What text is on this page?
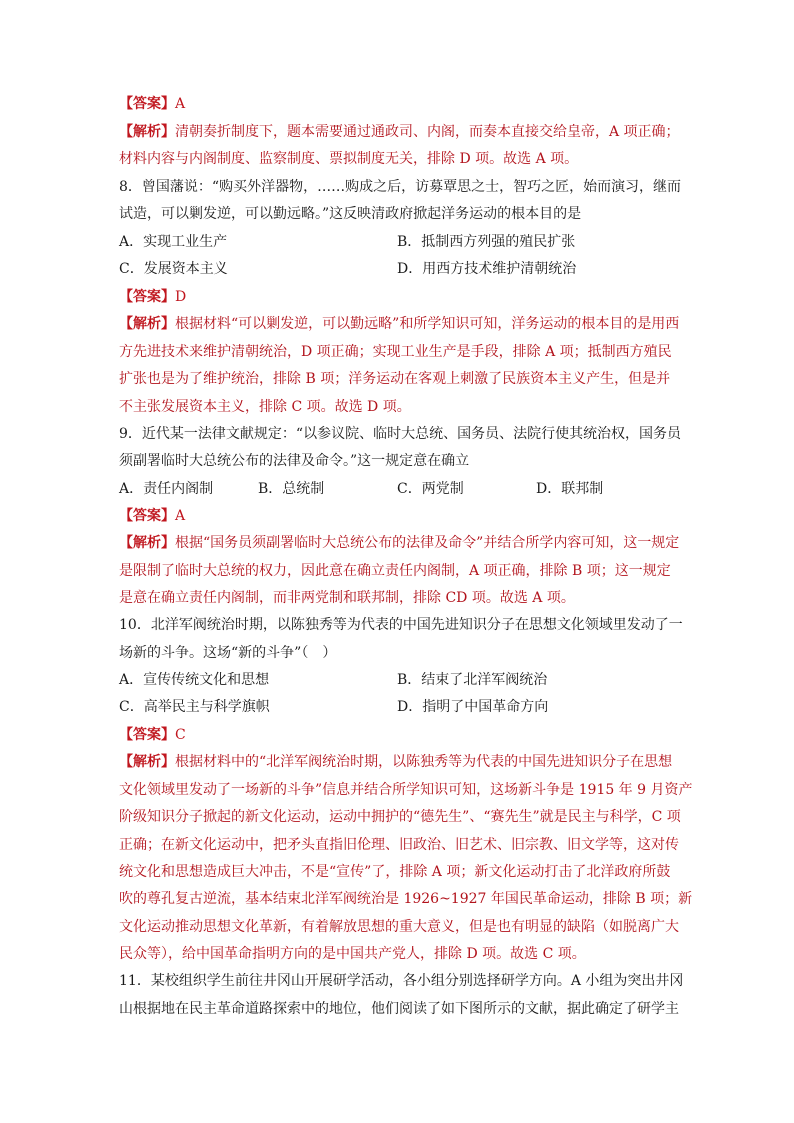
【答案】A
【解析】清朝奏折制度下，题本需要通过通政司、内阁，而奏本直接交给皇帝，A 项正确；
材料内容与内阁制度、监察制度、票拟制度无关，排除 D 项。故选 A 项。
8．曾国藩说：“购买外洋器物，……购成之后，访募覃思之士，智巧之匠，始而演习，继而
试造，可以剿发逆，可以勤远略。”这反映清政府掀起洋务运动的根本目的是
A．实现工业生产	B．抵制西方列强的殖民扩张
C．发展资本主义	D．用西方技术维护清朝统治
【答案】D
【解析】根据材料“可以剿发逆，可以勤远略”和所学知识可知，洋务运动的根本目的是用西
方先进技术来维护清朝统治，D 项正确；实现工业生产是手段，排除 A 项；抵制西方殖民
扩张也是为了维护统治，排除 B 项；洋务运动在客观上刺激了民族资本主义产生，但是并
不主张发展资本主义，排除 C 项。故选 D 项。
9．近代某一法律文献规定：“以参议院、临时大总统、国务员、法院行使其统治权，国务员
须副署临时大总统公布的法律及命令。”这一规定意在确立
A．责任内阁制	B．总统制	C．两党制	D．联邦制
【答案】A
【解析】根据“国务员须副署临时大总统公布的法律及命令”并结合所学内容可知，这一规定
是限制了临时大总统的权力，因此意在确立责任内阁制，A 项正确，排除 B 项；这一规定
是意在确立责任内阁制，而非两党制和联邦制，排除 CD 项。故选 A 项。
10．北洋军阀统治时期，以陈独秀等为代表的中国先进知识分子在思想文化领域里发动了一
场新的斗争。这场“新的斗争”（　）
A．宣传传统文化和思想	B．结束了北洋军阀统治
C．高举民主与科学旗帜	D．指明了中国革命方向
【答案】C
【解析】根据材料中的“北洋军阀统治时期，以陈独秀等为代表的中国先进知识分子在思想
文化领域里发动了一场新的斗争”信息并结合所学知识可知，这场新斗争是 1915 年 9 月资产
阶级知识分子掀起的新文化运动，运动中拥护的“德先生”、“赛先生”就是民主与科学，C 项
正确；在新文化运动中，把矛头直指旧伦理、旧政治、旧艺术、旧宗教、旧文学等，这对传
统文化和思想造成巨大冲击，不是“宣传”了，排除 A 项；新文化运动打击了北洋政府所鼓
吹的尊孔复古逆流，基本结束北洋军阀统治是 1926~1927 年国民革命运动，排除 B 项；新
文化运动推动思想文化革新，有着解放思想的重大意义，但是也有明显的缺陷（如脱离广大
民众等），给中国革命指明方向的是中国共产党人，排除 D 项。故选 C 项。
11．某校组织学生前往井冈山开展研学活动，各小组分别选择研学方向。A 小组为突出井冈
山根据地在民主革命道路探索中的地位，他们阅读了如下图所示的文献，据此确定了研学主
